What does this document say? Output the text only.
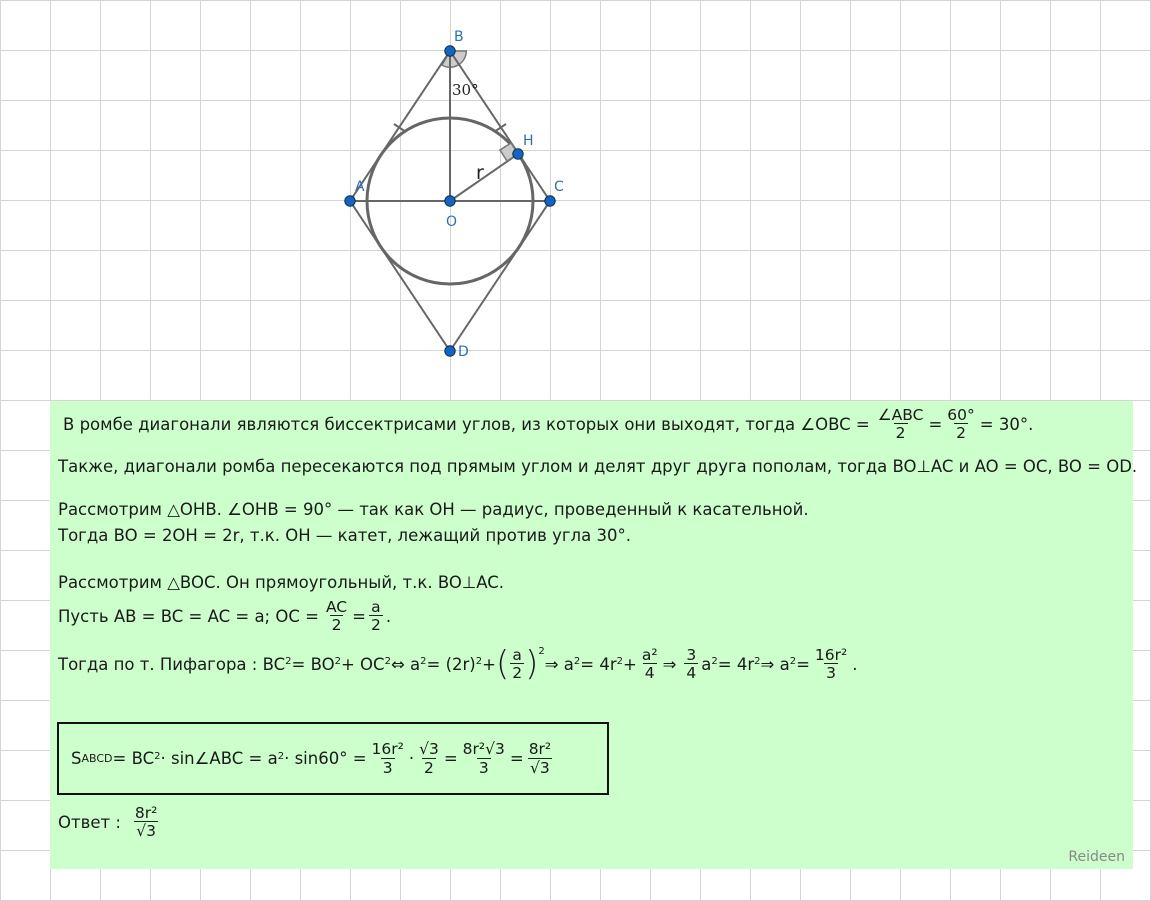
30°
r
B
A	C
D
O
H
В ромбе диагонали являются биссектрисами углов, из которых они выходят, тогда ∠OBC = $\frac{\text{∠ABC}}{2} = \frac{60^\circ}{2} = 30^\circ$.
Также, диагонали ромба пересекаются под прямым углом и делят друг друга пополам, тогда BO⊥AC и AO = OC, BO = OD.
Рассмотрим △OHB. ∠OHB = 90° — так как OH — радиус, проведенный к касательной.
Тогда BO = 2OH = 2r, т.к. OH — катет, лежащий против угла 30°.
Рассмотрим △BOC. Он прямоугольный, т.к. BO⊥AC.
Пусть AB = BC = AC = a; OC = $\frac{AC}{2} = \frac{a}{2}$ .
Тогда по т. Пифагора : $BC^2 = BO^2 + OC^2$ ⇔ $a^2 = (2r)^2$ + ( $\frac{a}{2} )^2$
⇒ $a^2 = 4r^2 + \frac{\text{a²}}{4}$ ⇒ $\frac{3}{4} a^2 = 4r^2$ ⇒ $a^2 = \frac{\text{16r²}}{3}$ .
S ABCD = $BC^2$ · sin∠ABC = $a^2 \cdot \sin 60^\circ = \frac{\text{16r²}}{3} \cdot \frac{√3}{2} = \frac{\text{8r²√3}}{3} = \frac{\text{8r²}}{√3}$
Ответ : $\frac{\text{8r²}}{√3}$
Reideen
